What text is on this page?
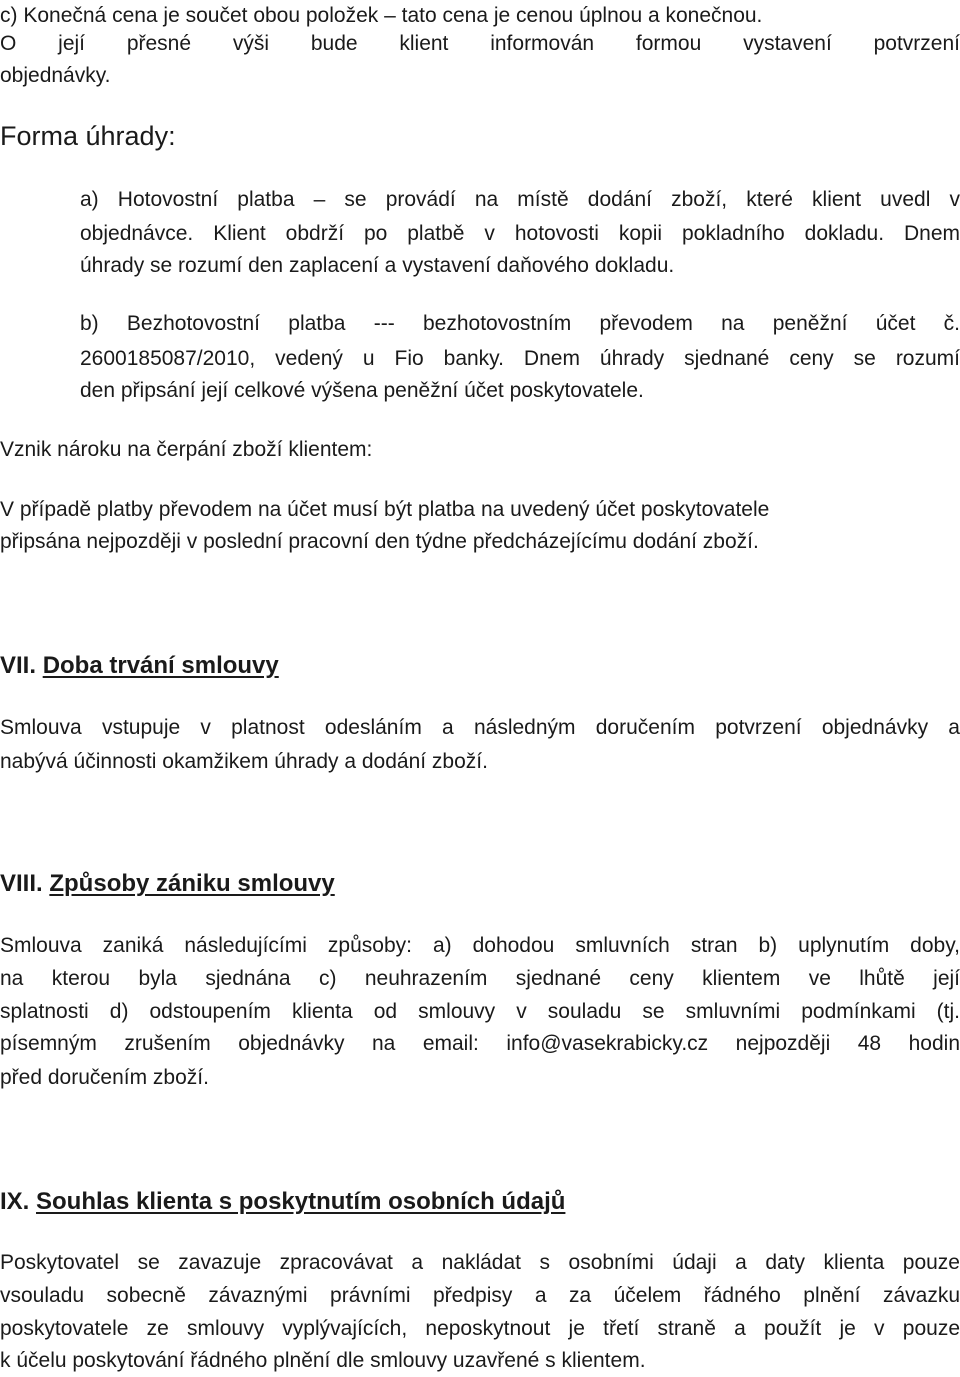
c) Konečná cena je součet obou položek – tato cena je cenou úplnou a konečnou.
O její přesné výši bude klient informován formou vystavení potvrzení
objednávky.
Forma úhrady:
a) Hotovostní platba – se provádí na místě dodání zboží, které klient uvedl v
objednávce. Klient obdrží po platbě v hotovosti kopii pokladního dokladu. Dnem
úhrady se rozumí den zaplacení a vystavení daňového dokladu.
b) Bezhotovostní platba --- bezhotovostním převodem na peněžní účet č.
2600185087/2010, vedený u Fio banky. Dnem úhrady sjednané ceny se rozumí
den připsání její celkové výšena peněžní účet poskytovatele.
Vznik nároku na čerpání zboží klientem:
V případě platby převodem na účet musí být platba na uvedený účet poskytovatele
připsána nejpozději v poslední pracovní den týdne předcházejícímu dodání zboží.
VII. Doba trvání smlouvy
Smlouva vstupuje v platnost odesláním a následným doručením potvrzení objednávky a
nabývá účinnosti okamžikem úhrady a dodání zboží.
VIII. Způsoby zániku smlouvy
Smlouva zaniká následujícími způsoby: a) dohodou smluvních stran b) uplynutím doby,
na kterou byla sjednána c) neuhrazením sjednané ceny klientem ve lhůtě její
splatnosti d) odstoupením klienta od smlouvy v souladu se smluvními podmínkami (tj.
písemným zrušením objednávky na email: info@vasekrabicky.cz nejpozději 48 hodin
před doručením zboží.
IX. Souhlas klienta s poskytnutím osobních údajů
Poskytovatel se zavazuje zpracovávat a nakládat s osobními údaji a daty klienta pouze
vsouladu sobecně závaznými právními předpisy a za účelem řádného plnění závazku
poskytovatele ze smlouvy vyplývajících, neposkytnout je třetí straně a použít je v pouze
k účelu poskytování řádného plnění dle smlouvy uzavřené s klientem.
